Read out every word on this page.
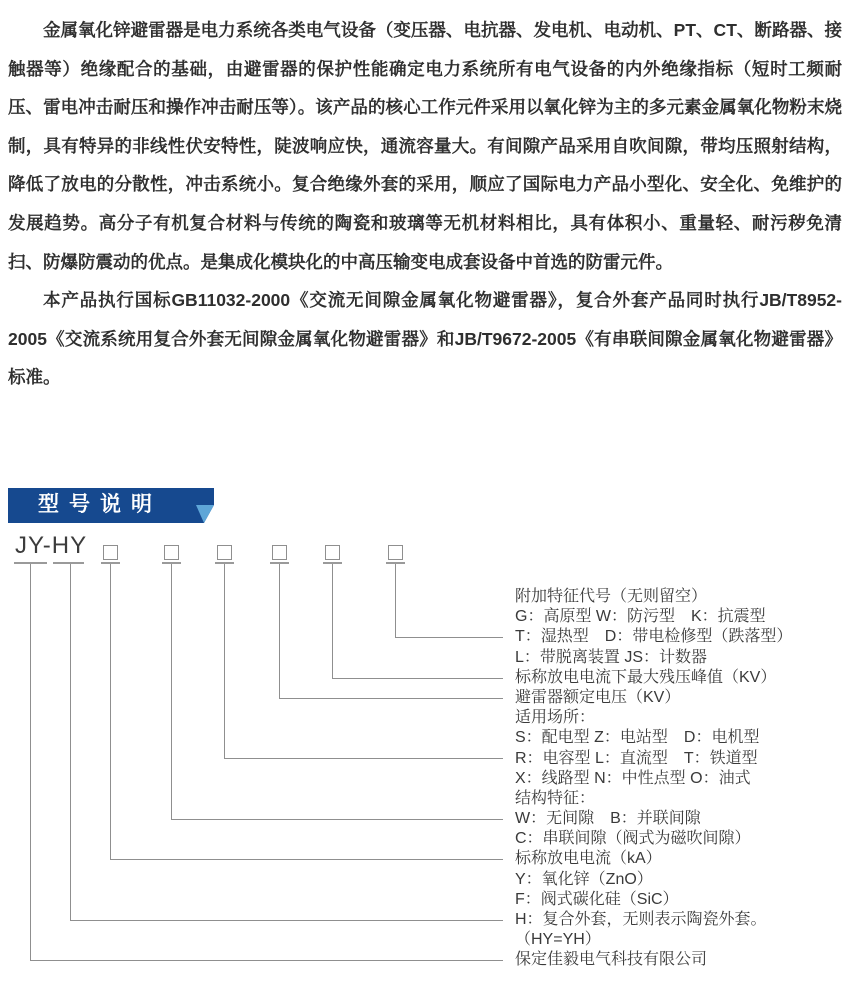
金属氧化锌避雷器是电力系统各类电气设备（变压器、电抗器、发电机、电动机、PT、CT、断路器、接触器等）绝缘配合的基础，由避雷器的保护性能确定电力系统所有电气设备的内外绝缘指标（短时工频耐压、雷电冲击耐压和操作冲击耐压等）。该产品的核心工作元件采用以氧化锌为主的多元素金属氧化物粉末烧制，具有特异的非线性伏安特性，陡波响应快，通流容量大。有间隙产品采用自吹间隙，带均压照射结构，降低了放电的分散性，冲击系统小。复合绝缘外套的采用，顺应了国际电力产品小型化、安全化、免维护的发展趋势。高分子有机复合材料与传统的陶瓷和玻璃等无机材料相比，具有体积小、重量轻、耐污秽免清扫、防爆防震动的优点。是集成化模块化的中高压输变电成套设备中首选的防雷元件。

本产品执行国标GB11032-2000《交流无间隙金属氧化物避雷器》，复合外套产品同时执行JB/T8952-2005《交流系统用复合外套无间隙金属氧化物避雷器》和JB/T9672-2005《有串联间隙金属氧化物避雷器》标准。

型号说明
JY-HY
附加特征代号（无则留空）
G：高原型 W：防污型　K：抗震型
T：湿热型　D：带电检修型（跌落型）
L：带脱离装置 JS：计数器
标称放电电流下最大残压峰值（KV）
避雷器额定电压（KV）
适用场所：
S：配电型 Z：电站型　D：电机型
R：电容型 L：直流型　T：铁道型
X：线路型 N：中性点型 O：油式
结构特征：
W：无间隙　B：并联间隙
C：串联间隙（阀式为磁吹间隙）
标称放电电流（kA）
Y：氧化锌（ZnO）
F：阀式碳化硅（SiC）
H：复合外套，无则表示陶瓷外套。
（HY=YH）
保定佳毅电气科技有限公司
